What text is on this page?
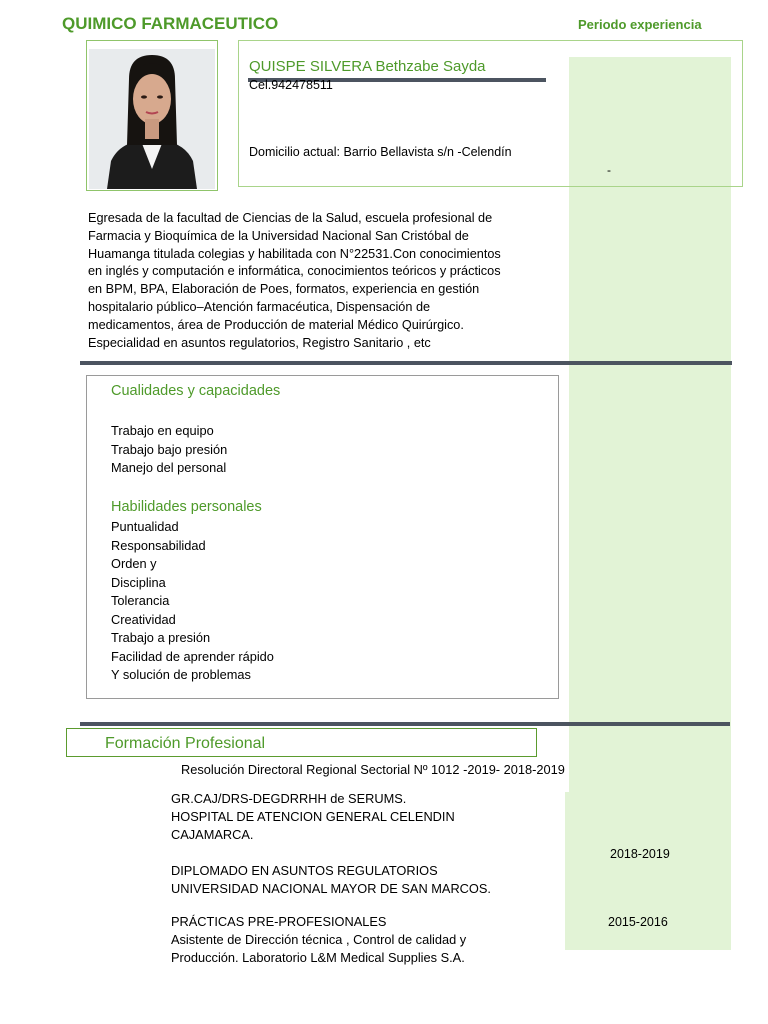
QUIMICO FARMACEUTICO	Periodo experiencia
QUISPE SILVERA Bethzabe Sayda
Cel.942478511
Domicilio actual: Barrio Bellavista s/n -Celendín
-
Egresada de la facultad de Ciencias de la Salud, escuela profesional de
Farmacia y Bioquímica de la Universidad Nacional San Cristóbal de
Huamanga titulada colegias y habilitada con N°22531.Con conocimientos
en inglés y computación e informática, conocimientos teóricos y prácticos
en BPM, BPA, Elaboración de Poes, formatos, experiencia en gestión
hospitalario público–Atención farmacéutica, Dispensación de
medicamentos, área de Producción de material Médico Quirúrgico.
Especialidad en asuntos regulatorios, Registro Sanitario , etc
Cualidades y capacidades
Trabajo en equipo
Trabajo bajo presión
Manejo del personal
Habilidades personales
Puntualidad
Responsabilidad
Orden y
Disciplina
Tolerancia
Creatividad
Trabajo a presión
Facilidad de aprender rápido
Y solución de problemas
Formación Profesional
Resolución Directoral Regional Sectorial Nº 1012 -2019- 2018-2019
GR.CAJ/DRS-DEGDRRHH de SERUMS.
HOSPITAL DE ATENCION GENERAL CELENDIN
CAJAMARCA.
2018-2019
DIPLOMADO EN ASUNTOS REGULATORIOS
UNIVERSIDAD NACIONAL MAYOR DE SAN MARCOS.
2015-2016
PRÁCTICAS PRE-PROFESIONALES
Asistente de Dirección técnica , Control de calidad y
Producción. Laboratorio L&M Medical Supplies S.A.
